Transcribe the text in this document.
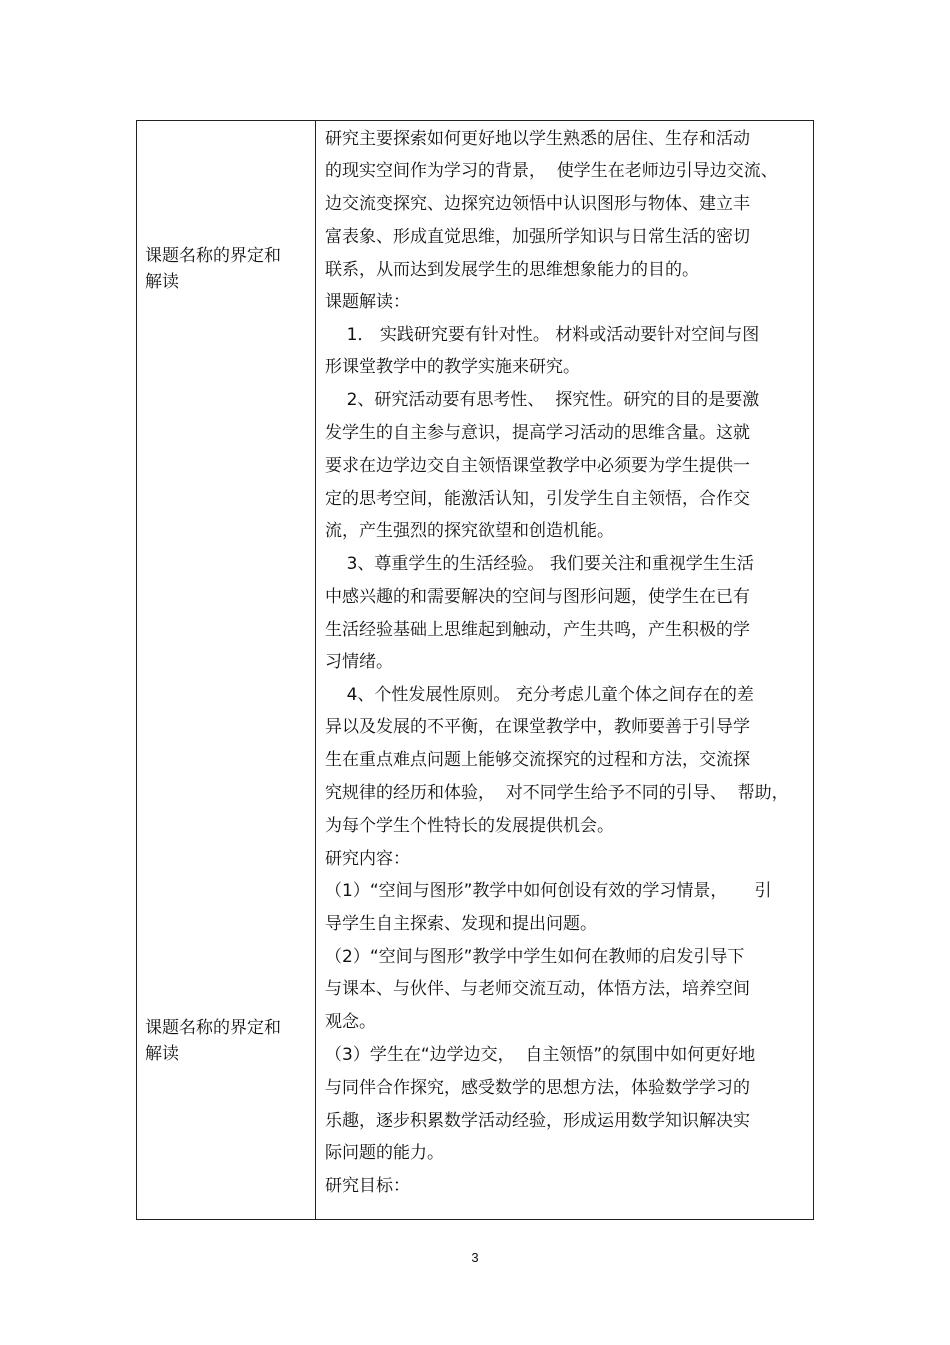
课题名称的界定和
解读
课题名称的界定和
解读
研究主要探索如何更好地以学生熟悉的居住、生存和活动
的现实空间作为学习的背景，  使学生在老师边引导边交流、
边交流变探究、边探究边领悟中认识图形与物体、建立丰
富表象、形成直觉思维，加强所学知识与日常生活的密切
联系，从而达到发展学生的思维想象能力的目的。
课题解读：
1． 实践研究要有针对性。 材料或活动要针对空间与图
形课堂教学中的教学实施来研究。
2、研究活动要有思考性、  探究性。研究的目的是要激
发学生的自主参与意识，提高学习活动的思维含量。这就
要求在边学边交自主领悟课堂教学中必须要为学生提供一
定的思考空间，能激活认知，引发学生自主领悟，合作交
流，产生强烈的探究欲望和创造机能。
3、尊重学生的生活经验。 我们要关注和重视学生生活
中感兴趣的和需要解决的空间与图形问题，使学生在已有
生活经验基础上思维起到触动，产生共鸣，产生积极的学
习情绪。
4、个性发展性原则。 充分考虑儿童个体之间存在的差
异以及发展的不平衡，在课堂教学中，教师要善于引导学
生在重点难点问题上能够交流探究的过程和方法，交流探
究规律的经历和体验，  对不同学生给予不同的引导、  帮助，
为每个学生个性特长的发展提供机会。
研究内容：
（1）“空间与图形”教学中如何创设有效的学习情景，     引
导学生自主探索、发现和提出问题。
（2）“空间与图形”教学中学生如何在教师的启发引导下
与课本、与伙伴、与老师交流互动，体悟方法，培养空间
观念。
（3）学生在“边学边交，  自主领悟”的氛围中如何更好地
与同伴合作探究，感受数学的思想方法，体验数学学习的
乐趣，逐步积累数学活动经验，形成运用数学知识解决实
际问题的能力。
研究目标：
3
